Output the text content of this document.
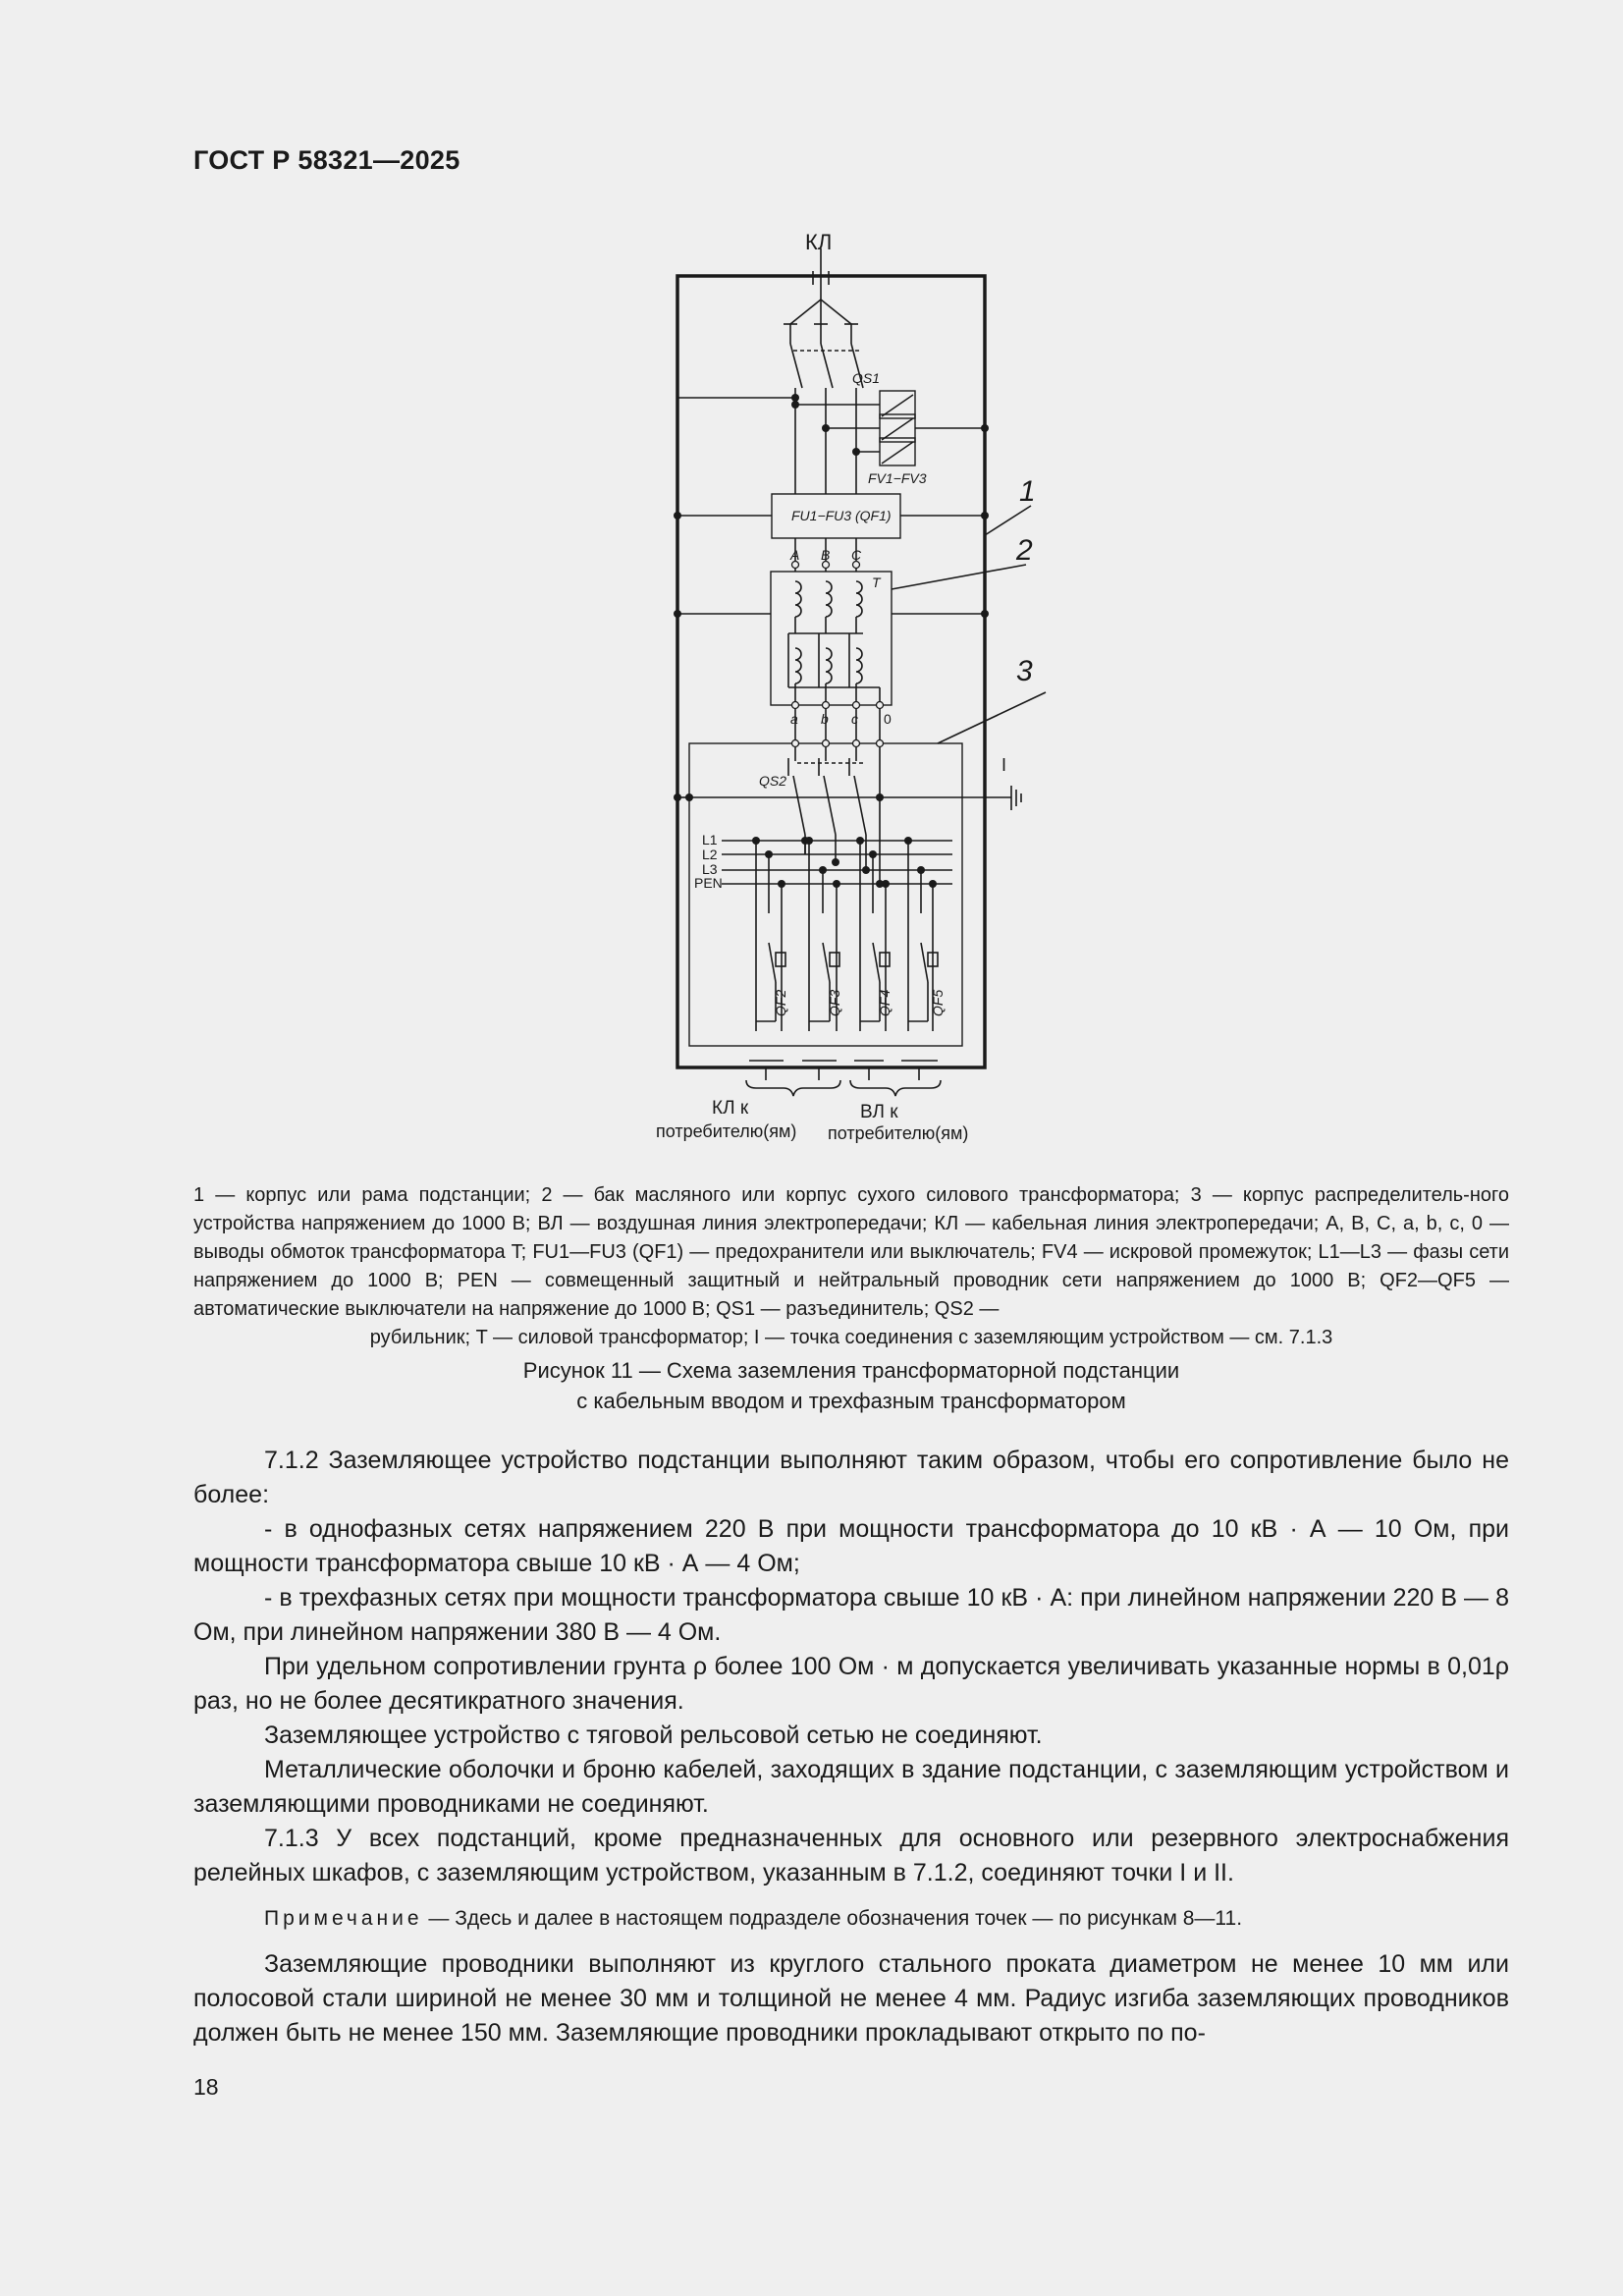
ГОСТ Р 58321—2025
КЛ
QS1
FV1−FV3
FU1−FU3 (QF1)
A B C
T
a b c 0
QS2
L1
L2
L3
PEN
QF2	QF3	QF4	QF5
I
1
2
3
КЛ к
потребителю(ям)
ВЛ к
потребителю(ям)
1 — корпус или рама подстанции; 2 — бак масляного или корпус сухого силового трансформатора; 3 — корпус распределитель-ного устройства напряжением до 1000 В; ВЛ — воздушная линия электропередачи; КЛ — кабельная линия электропередачи; A, B, C, a, b, c, 0 — выводы обмоток трансформатора T; FU1—FU3 (QF1) — предохранители или выключатель; FV4 — искровой промежуток; L1—L3 — фазы сети напряжением до 1000 В; PEN — совмещенный защитный и нейтральный проводник сети напряжением до 1000 В; QF2—QF5 — автоматические выключатели на напряжение до 1000 В; QS1 — разъединитель; QS2 —
рубильник; T — силовой трансформатор; I — точка соединения с заземляющим устройством — см. 7.1.3
Рисунок 11 — Схема заземления трансформаторной подстанции
с кабельным вводом и трехфазным трансформатором

7.1.2 Заземляющее устройство подстанции выполняют таким образом, чтобы его сопротивление было не более:

- в однофазных сетях напряжением 220 В при мощности трансформатора до 10 кВ · А — 10 Ом, при мощности трансформатора свыше 10 кВ · А — 4 Ом;

- в трехфазных сетях при мощности трансформатора свыше 10 кВ · А: при линейном напряжении 220 В — 8 Ом, при линейном напряжении 380 В — 4 Ом.

При удельном сопротивлении грунта ρ более 100 Ом · м допускается увеличивать указанные нормы в 0,01ρ раз, но не более десятикратного значения.

Заземляющее устройство с тяговой рельсовой сетью не соединяют.

Металлические оболочки и броню кабелей, заходящих в здание подстанции, с заземляющим устройством и заземляющими проводниками не соединяют.

7.1.3 У всех подстанций, кроме предназначенных для основного или резервного электроснабжения релейных шкафов, с заземляющим устройством, указанным в 7.1.2, соединяют точки I и II.

Примечание — Здесь и далее в настоящем подразделе обозначения точек — по рисункам 8—11.

Заземляющие проводники выполняют из круглого стального проката диаметром не менее 10 мм или полосовой стали шириной не менее 30 мм и толщиной не менее 4 мм. Радиус изгиба заземляющих проводников должен быть не менее 150 мм. Заземляющие проводники прокладывают открыто по по-

18
